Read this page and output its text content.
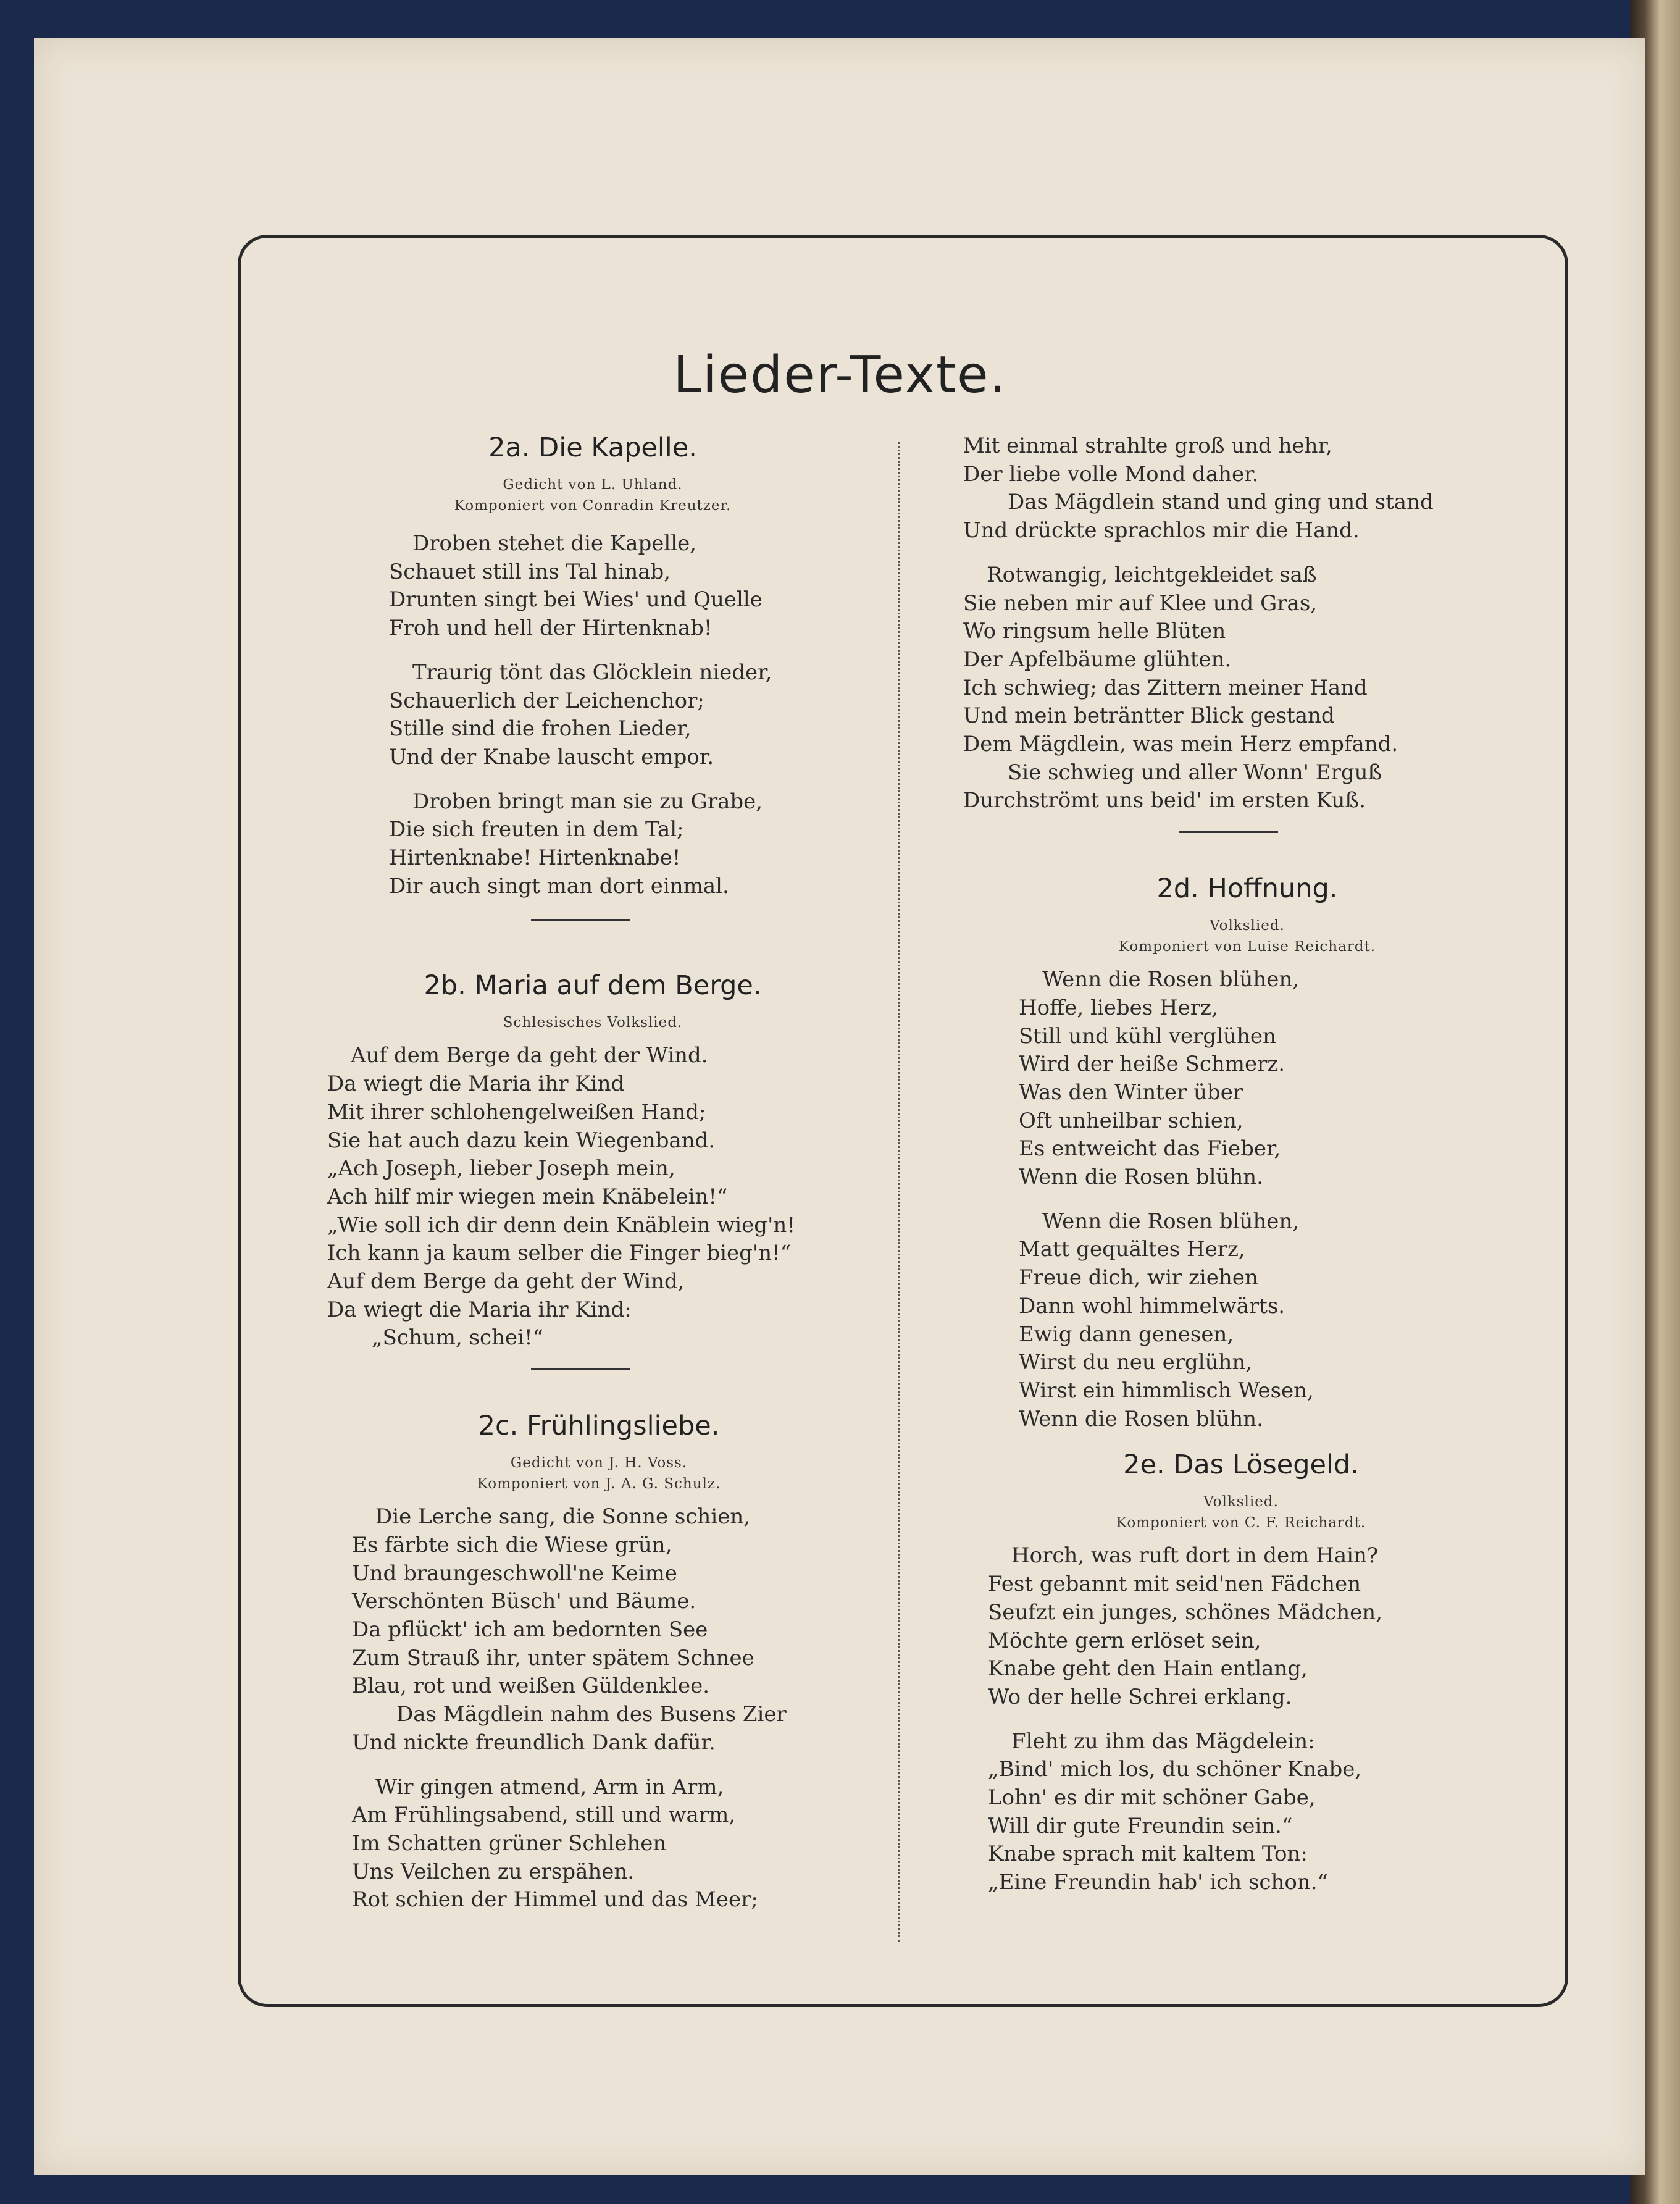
Lieder-Texte.
2a. Die Kapelle.
Gedicht von L. Uhland.
Komponiert von Conradin Kreutzer.
Droben stehet die Kapelle,
Schauet still ins Tal hinab,
Drunten singt bei Wies' und Quelle
Froh und hell der Hirtenknab!
Traurig tönt das Glöcklein nieder,
Schauerlich der Leichenchor;
Stille sind die frohen Lieder,
Und der Knabe lauscht empor.
Droben bringt man sie zu Grabe,
Die sich freuten in dem Tal;
Hirtenknabe! Hirtenknabe!
Dir auch singt man dort einmal.
2b. Maria auf dem Berge.
Schlesisches Volkslied.
Auf dem Berge da geht der Wind.
Da wiegt die Maria ihr Kind
Mit ihrer schlohengelweißen Hand;
Sie hat auch dazu kein Wiegenband.
„Ach Joseph, lieber Joseph mein,
Ach hilf mir wiegen mein Knäbelein!“
„Wie soll ich dir denn dein Knäblein wieg'n!
Ich kann ja kaum selber die Finger bieg'n!“
Auf dem Berge da geht der Wind,
Da wiegt die Maria ihr Kind:
„Schum, schei!“
2c. Frühlingsliebe.
Gedicht von J. H. Voss.
Komponiert von J. A. G. Schulz.
Die Lerche sang, die Sonne schien,
Es färbte sich die Wiese grün,
Und braungeschwoll'ne Keime
Verschönten Büsch' und Bäume.
Da pflückt' ich am bedornten See
Zum Strauß ihr, unter spätem Schnee
Blau, rot und weißen Güldenklee.
Das Mägdlein nahm des Busens Zier
Und nickte freundlich Dank dafür.
Wir gingen atmend, Arm in Arm,
Am Frühlingsabend, still und warm,
Im Schatten grüner Schlehen
Uns Veilchen zu erspähen.
Rot schien der Himmel und das Meer;
Mit einmal strahlte groß und hehr,
Der liebe volle Mond daher.
Das Mägdlein stand und ging und stand
Und drückte sprachlos mir die Hand.
Rotwangig, leichtgekleidet saß
Sie neben mir auf Klee und Gras,
Wo ringsum helle Blüten
Der Apfelbäume glühten.
Ich schwieg; das Zittern meiner Hand
Und mein beträntter Blick gestand
Dem Mägdlein, was mein Herz empfand.
Sie schwieg und aller Wonn' Erguß
Durchströmt uns beid' im ersten Kuß.
2d. Hoffnung.
Volkslied.
Komponiert von Luise Reichardt.
Wenn die Rosen blühen,
Hoffe, liebes Herz,
Still und kühl verglühen
Wird der heiße Schmerz.
Was den Winter über
Oft unheilbar schien,
Es entweicht das Fieber,
Wenn die Rosen blühn.
Wenn die Rosen blühen,
Matt gequältes Herz,
Freue dich, wir ziehen
Dann wohl himmelwärts.
Ewig dann genesen,
Wirst du neu erglühn,
Wirst ein himmlisch Wesen,
Wenn die Rosen blühn.
2e. Das Lösegeld.
Volkslied.
Komponiert von C. F. Reichardt.
Horch, was ruft dort in dem Hain?
Fest gebannt mit seid'nen Fädchen
Seufzt ein junges, schönes Mädchen,
Möchte gern erlöset sein,
Knabe geht den Hain entlang,
Wo der helle Schrei erklang.
Fleht zu ihm das Mägdelein:
„Bind' mich los, du schöner Knabe,
Lohn' es dir mit schöner Gabe,
Will dir gute Freundin sein.“
Knabe sprach mit kaltem Ton:
„Eine Freundin hab' ich schon.“
